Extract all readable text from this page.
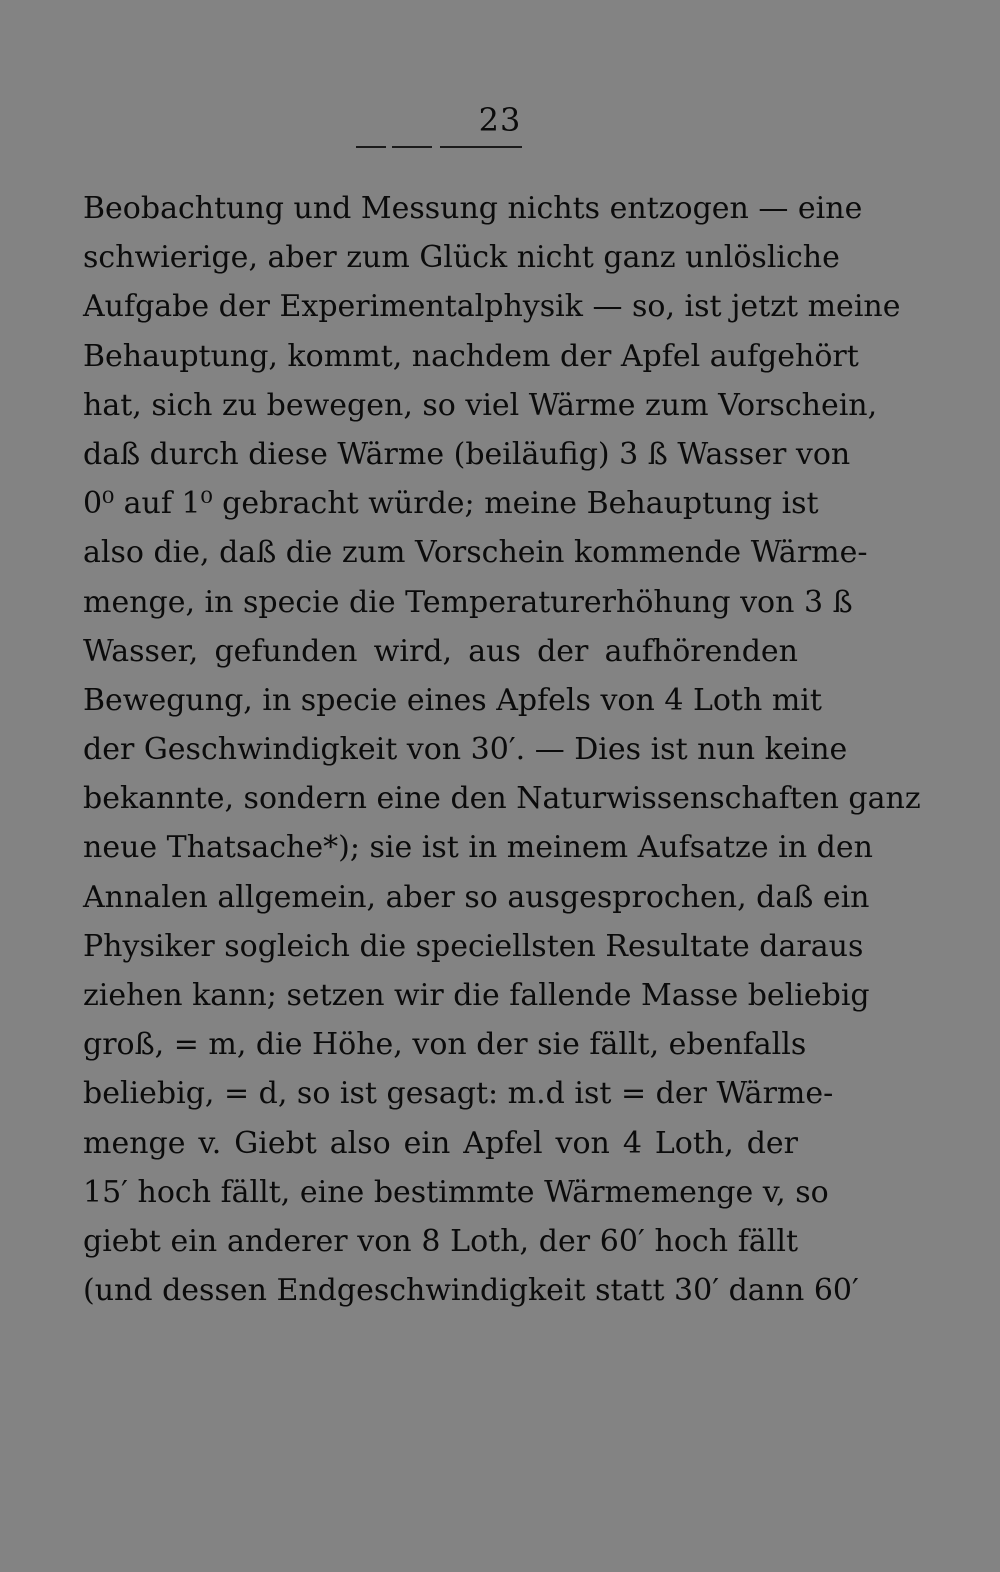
23
Beobachtung und Messung nichts entzogen — eine
schwierige, aber zum Glück nicht ganz unlösliche
Aufgabe der Experimentalphysik — so, ist jetzt meine
Behauptung, kommt, nachdem der Apfel aufgehört
hat, sich zu bewegen, so viel Wärme zum Vorschein,
daß durch diese Wärme (beiläufig) 3 ß Wasser von
0⁰ auf 1⁰ gebracht würde; meine Behauptung ist
also die, daß die zum Vorschein kommende Wärme-
menge, in specie die Temperaturerhöhung von 3 ß
Wasser, gefunden wird, aus der aufhörenden
Bewegung, in specie eines Apfels von 4 Loth mit
der Geschwindigkeit von 30′. — Dies ist nun keine
bekannte, sondern eine den Naturwissenschaften ganz
neue Thatsache*); sie ist in meinem Aufsatze in den
Annalen allgemein, aber so ausgesprochen, daß ein
Physiker sogleich die speciellsten Resultate daraus
ziehen kann; setzen wir die fallende Masse beliebig
groß, = m, die Höhe, von der sie fällt, ebenfalls
beliebig, = d, so ist gesagt: m.d ist = der Wärme-
menge v. Giebt also ein Apfel von 4 Loth, der
15′ hoch fällt, eine bestimmte Wärmemenge v, so
giebt ein anderer von 8 Loth, der 60′ hoch fällt
(und dessen Endgeschwindigkeit statt 30′ dann 60′
